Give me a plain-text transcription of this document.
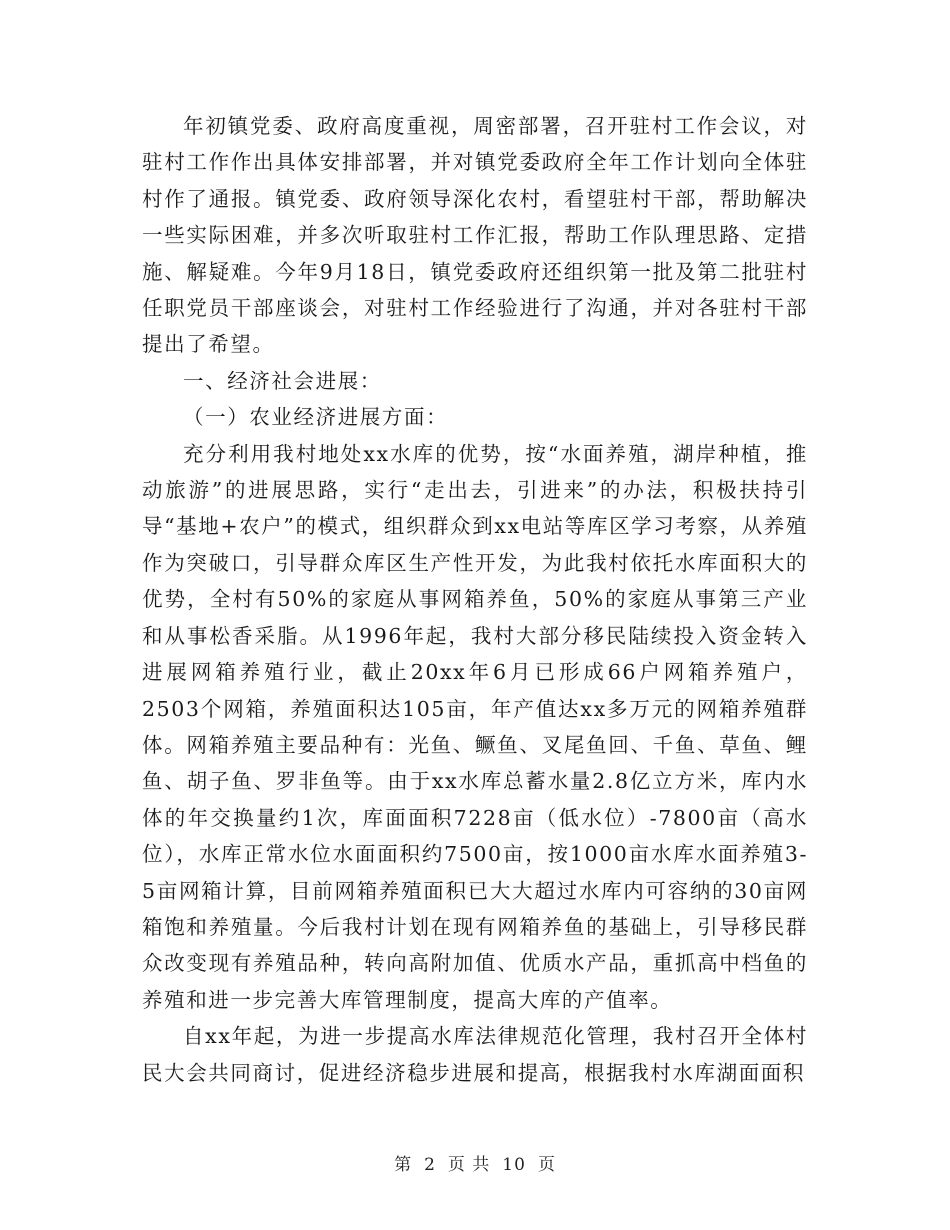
年初镇党委、政府高度重视，周密部署，召开驻村工作会议，对驻村工作作出具体安排部署，并对镇党委政府全年工作计划向全体驻村作了通报。镇党委、政府领导深化农村，看望驻村干部，帮助解决一些实际困难，并多次听取驻村工作汇报，帮助工作队理思路、定措施、解疑难。今年9月18日，镇党委政府还组织第一批及第二批驻村任职党员干部座谈会，对驻村工作经验进行了沟通，并对各驻村干部提出了希望。

一、经济社会进展：

（一）农业经济进展方面：

充分利用我村地处xx水库的优势，按“水面养殖，湖岸种植，推动旅游”的进展思路，实行“走出去，引进来”的办法，积极扶持引导“基地+农户”的模式，组织群众到xx电站等库区学习考察，从养殖作为突破口，引导群众库区生产性开发，为此我村依托水库面积大的优势，全村有50%的家庭从事网箱养鱼，50%的家庭从事第三产业和从事松香采脂。从1996年起，我村大部分移民陆续投入资金转入进展网箱养殖行业，截止20xx年6月已形成66户网箱养殖户，2503个网箱，养殖面积达105亩，年产值达xx多万元的网箱养殖群体。网箱养殖主要品种有：光鱼、鳜鱼、叉尾鱼回、千鱼、草鱼、鲤鱼、胡子鱼、罗非鱼等。由于xx水库总蓄水量2.8亿立方米，库内水体的年交换量约1次，库面面积7228亩（低水位）-7800亩（高水位），水库正常水位水面面积约7500亩，按1000亩水库水面养殖3-5亩网箱计算，目前网箱养殖面积已大大超过水库内可容纳的30亩网箱饱和养殖量。今后我村计划在现有网箱养鱼的基础上，引导移民群众改变现有养殖品种，转向高附加值、优质水产品，重抓高中档鱼的养殖和进一步完善大库管理制度，提高大库的产值率。

自xx年起，为进一步提高水库法律规范化管理，我村召开全体村民大会共同商讨，促进经济稳步进展和提高，根据我村水库湖面面积

第 2 页 共 10 页
